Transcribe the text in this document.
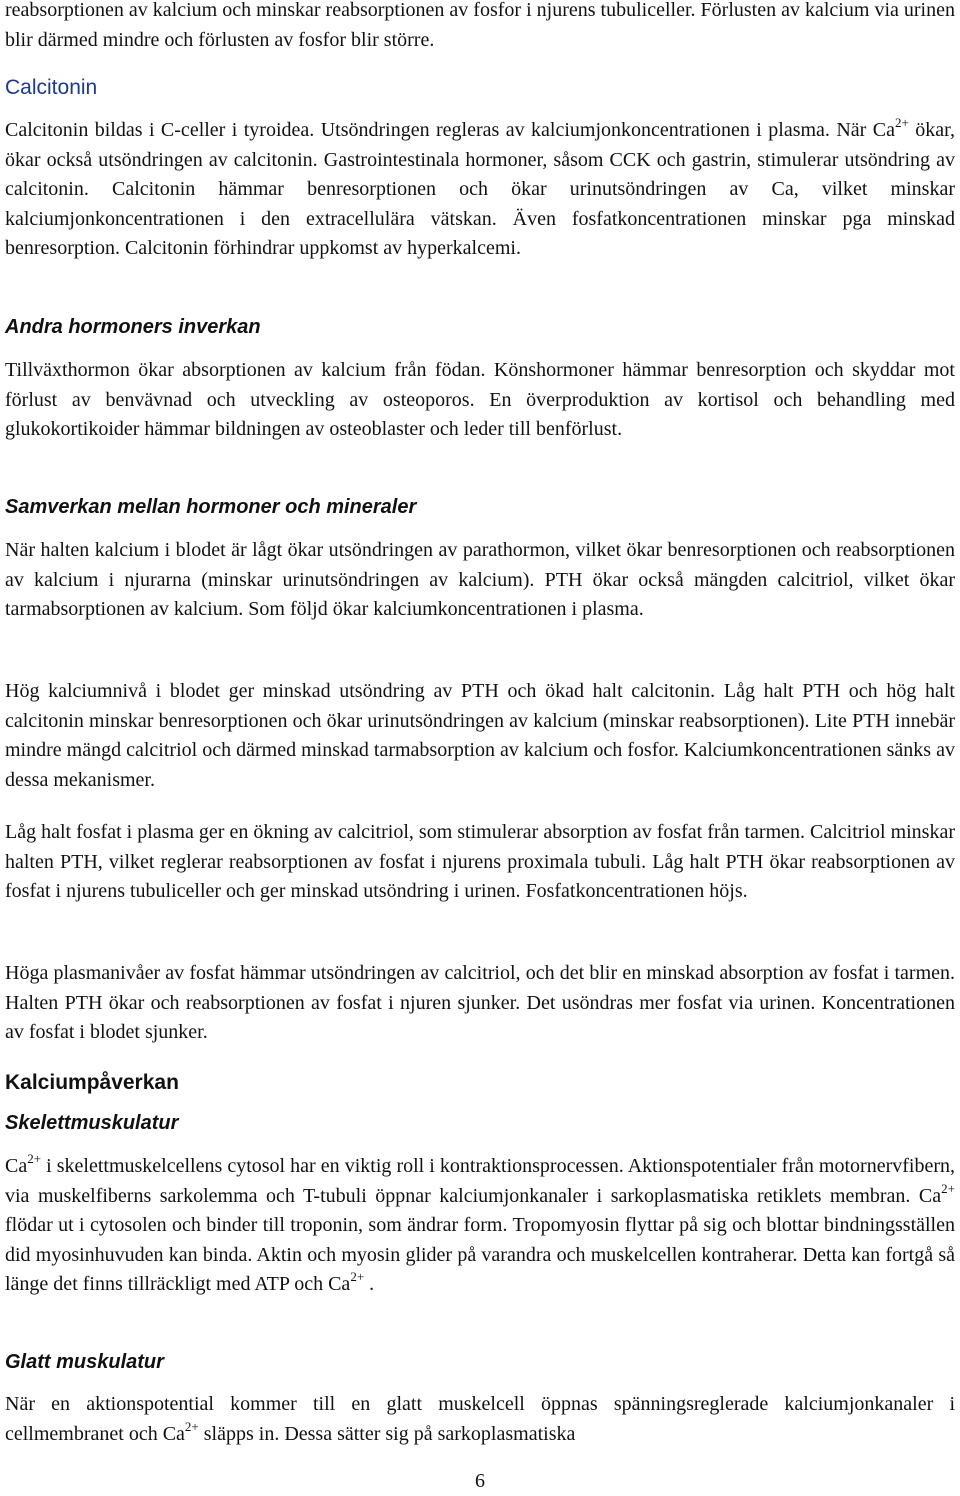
reabsorptionen av kalcium och minskar reabsorptionen av fosfor i njurens tubuliceller. Förlusten av kalcium via urinen blir därmed mindre och förlusten av fosfor blir större.

Calcitonin

Calcitonin bildas i C-celler i tyroidea. Utsöndringen regleras av kalciumjonkoncentrationen i plasma. När $Ca^{2+}$ ökar, ökar också utsöndringen av calcitonin. Gastrointestinala hormoner, såsom CCK och gastrin, stimulerar utsöndring av calcitonin. Calcitonin hämmar benresorptionen och ökar urinutsöndringen av Ca, vilket minskar kalciumjonkoncentrationen i den extracellulära vätskan. Även fosfatkoncentrationen minskar pga minskad benresorption. Calcitonin förhindrar uppkomst av hyperkalcemi.

Andra hormoners inverkan

Tillväxthormon ökar absorptionen av kalcium från födan. Könshormoner hämmar benresorption och skyddar mot förlust av benvävnad och utveckling av osteoporos. En överproduktion av kortisol och behandling med glukokortikoider hämmar bildningen av osteoblaster och leder till benförlust.

Samverkan mellan hormoner och mineraler

När halten kalcium i blodet är lågt ökar utsöndringen av parathormon, vilket ökar benresorptionen och reabsorptionen av kalcium i njurarna (minskar urinutsöndringen av kalcium). PTH ökar också mängden calcitriol, vilket ökar tarmabsorptionen av kalcium. Som följd ökar kalciumkoncentrationen i plasma.

Hög kalciumnivå i blodet ger minskad utsöndring av PTH och ökad halt calcitonin. Låg halt PTH och hög halt calcitonin minskar benresorptionen och ökar urinutsöndringen av kalcium (minskar reabsorptionen). Lite PTH innebär mindre mängd calcitriol och därmed minskad tarmabsorption av kalcium och fosfor. Kalciumkoncentrationen sänks av dessa mekanismer.

Låg halt fosfat i plasma ger en ökning av calcitriol, som stimulerar absorption av fosfat från tarmen. Calcitriol minskar halten PTH, vilket reglerar reabsorptionen av fosfat i njurens proximala tubuli. Låg halt PTH ökar reabsorptionen av fosfat i njurens tubuliceller och ger minskad utsöndring i urinen. Fosfatkoncentrationen höjs.

Höga plasmanivåer av fosfat hämmar utsöndringen av calcitriol, och det blir en minskad absorption av fosfat i tarmen. Halten PTH ökar och reabsorptionen av fosfat i njuren sjunker. Det usöndras mer fosfat via urinen. Koncentrationen av fosfat i blodet sjunker.

Kalciumpåverkan
Skelettmuskulatur

$Ca^{2+}$ i skelettmuskelcellens cytosol har en viktig roll i kontraktionsprocessen. Aktionspotentialer från motornervfibern, via muskelfiberns sarkolemma och T-tubuli öppnar kalciumjonkanaler i sarkoplasmatiska retiklets membran. $Ca^{2+}$ flödar ut i cytosolen och binder till troponin, som ändrar form. Tropomyosin flyttar på sig och blottar bindningsställen did myosinhuvuden kan binda. Aktin och myosin glider på varandra och muskelcellen kontraherar. Detta kan fortgå så länge det finns tillräckligt med ATP och $Ca^{2+}$ .

Glatt muskulatur

När en aktionspotential kommer till en glatt muskelcell öppnas spänningsreglerade kalciumjonkanaler i cellmembranet och $Ca^{2+}$ släpps in. Dessa sätter sig på sarkoplasmatiska

6
